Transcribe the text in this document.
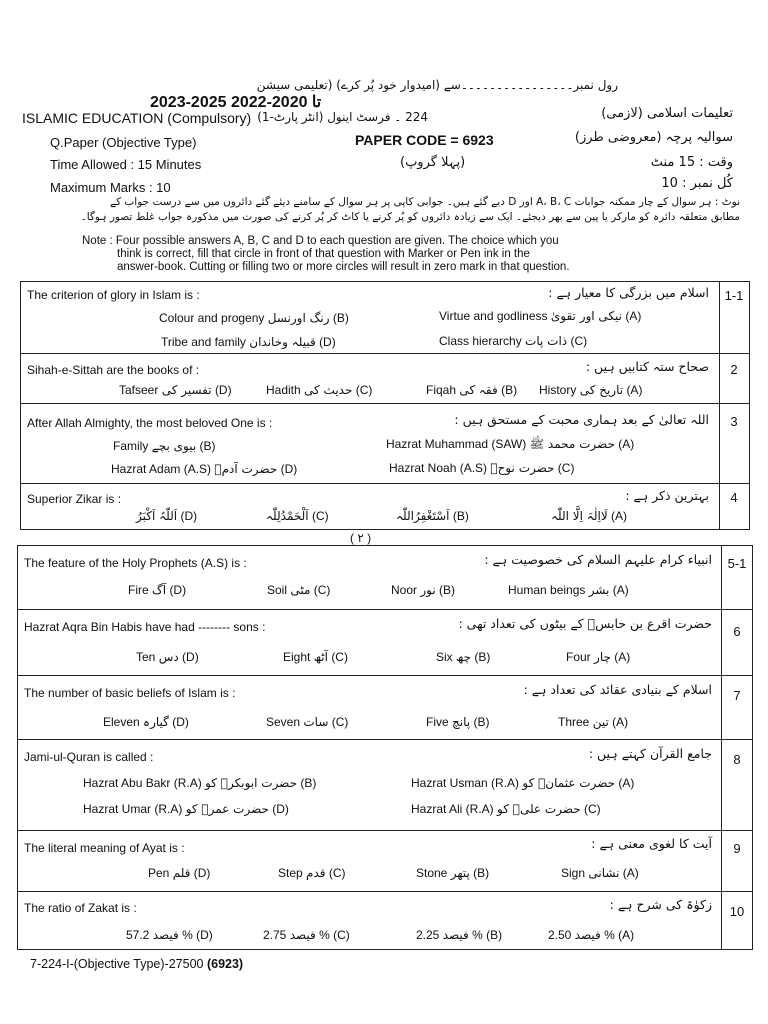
رول نمبر۔۔۔۔۔۔۔۔۔۔۔۔۔۔۔۔سے (امیدوار خود پُر کرے) (تعلیمی سیشن
2023-2025 تا 2020-2022
ISLAMIC EDUCATION (Compulsory) 224 ۔ فرسٹ اینول (انٹر پارٹ-1)	تعلیمات اسلامی (لازمی)
Q.Paper (Objective Type)	PAPER CODE = 6923	سوالیہ پرچہ (معروضی طرز)
Time Allowed : 15 Minutes	(پہلا گروپ)	وقت : 15 منٹ
Maximum Marks : 10	کُل نمبر : 10
نوٹ : ہر سوال کے چار ممکنہ جوابات A، B، C اور D دیے گئے ہیں۔ جوابی کاپی پر ہر سوال کے سامنے دیئے گئے دائروں میں سے درست جواب کے
مطابق متعلقہ دائرہ کو مارکر یا پین سے بھر دیجئے۔ ایک سے زیادہ دائروں کو پُر کرنے یا کاٹ کر پُر کرنے کی صورت میں مذکورہ جواب غلط تصور ہوگا۔
Note : Four possible answers A, B, C and D to each question are given. The choice which you
think is correct, fill that circle in front of that question with Marker or Pen ink in the
answer-book. Cutting or filling two or more circles will result in zero mark in that question.
The criterion of glory in Islam is :	اسلام میں بزرگی کا معیار ہے :	1-1
Colour and progeny رنگ اورنسل (B)	Virtue and godliness نیکی اور تقویٰ (A)
Tribe and family قبیلہ وخاندان (D)	Class hierarchy ذات پات (C)
Sihah-e-Sittah are the books of :	صحاح ستہ کتابیں ہیں :	2
Tafseer تفسیر کی (D)	Hadith حدیث کی (C)	Fiqah فقہ کی (B) History تاریخ کی (A)
After Allah Almighty, the most beloved One is :	اللہ تعالیٰ کے بعد ہماری محبت کے مستحق ہیں :	3
Family بیوی بچے (B)	Hazrat Muhammad (SAW) حضرت محمد ﷺ (A)
Hazrat Adam (A.S) حضرت آدمؑ (D)	Hazrat Noah (A.S) حضرت نوحؑ (C)
Superior Zikar is :	بہترین ذکر ہے :	4
اَللّٰہُ اَکْبَرُ (D)	اَلْحَمْدُلِلّٰہ (C)	اَسْتَغْفِرُاللّٰہ (B)	لَااِلٰہَ اِلَّا اللّٰہ (A)
( ۲ )
The feature of the Holy Prophets (A.S) is :	انبیاء کرام علیہم السلام کی خصوصیت ہے :	5-1
Fire آگ (D)	Soil مٹی (C)	Noor نور (B)	Human beings بشر (A)
Hazrat Aqra Bin Habis have had -------- sons :	حضرت اقرع بن حابسؓ کے بیٹوں کی تعداد تھی :
6
Ten دس (D)	Eight آٹھ (C)	Six چھ (B)	Four چار (A)
The number of basic beliefs of Islam is :	اسلام کے بنیادی عقائد کی تعداد ہے :	7
Eleven گیارہ (D)	Seven سات (C)	Five پانچ (B)	Three تین (A)
Jami-ul-Quran is called :	جامع القرآن کہتے ہیں :	8
Hazrat Abu Bakr (R.A) حضرت ابوبکرؓ کو (B)	Hazrat Usman (R.A) حضرت عثمانؓ کو (A)
Hazrat Umar (R.A) حضرت عمرؓ کو (D)	Hazrat Ali (R.A) حضرت علیؓ کو (C)
The literal meaning of Ayat is :	آیت کا لغوی معنی ہے :	9
Pen قلم (D)	Step قدم (C)	Stone پتھر (B)	Sign نشانی (A)
The ratio of Zakat is :	زکوٰۃ کی شرح ہے :	10
فیصد 57.2 % (D)	فیصد 2.75 % (C)	فیصد 2.25 % (B)	فیصد 2.50 % (A)
7-224-I-(Objective Type)-27500 (6923)
